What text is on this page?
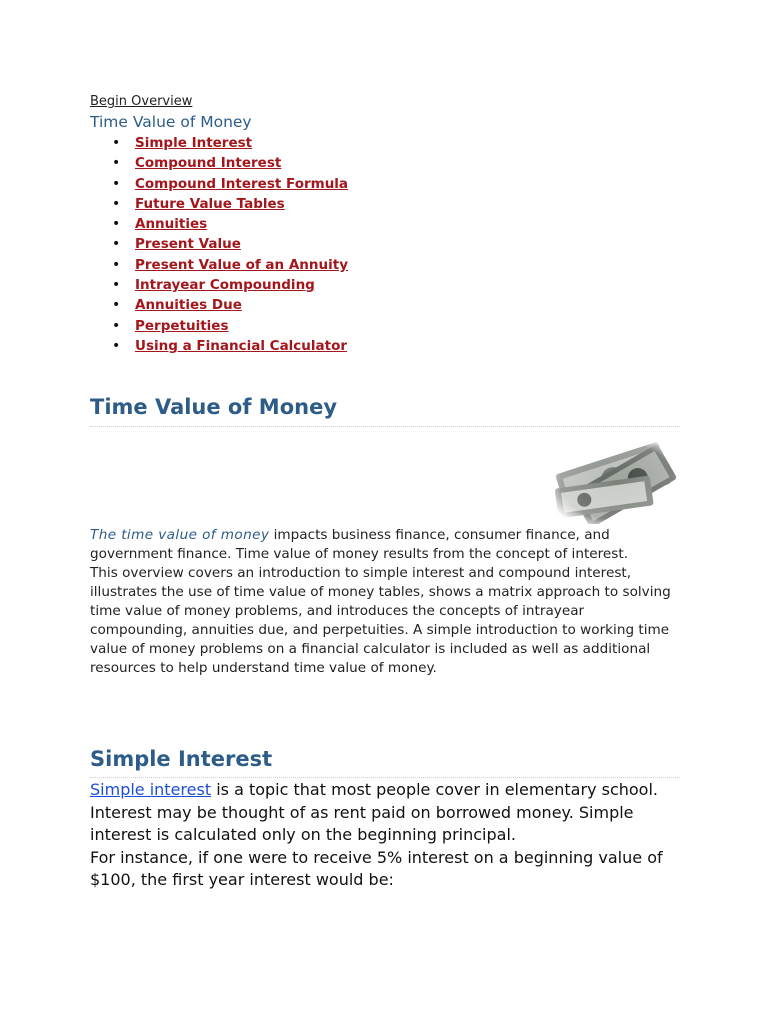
Begin Overview
Time Value of Money
• Simple Interest
• Compound Interest
• Compound Interest Formula
• Future Value Tables
• Annuities
• Present Value
• Present Value of an Annuity
• Intrayear Compounding
• Annuities Due
• Perpetuities
• Using a Financial Calculator
Time Value of Money
The time value of money impacts business finance, consumer finance, and government finance. Time value of money results from the concept of interest.
This overview covers an introduction to simple interest and compound interest, illustrates the use of time value of money tables, shows a matrix approach to solving time value of money problems, and introduces the concepts of intrayear compounding, annuities due, and perpetuities. A simple introduction to working time value of money problems on a financial calculator is included as well as additional resources to help understand time value of money.
Simple Interest
Simple interest is a topic that most people cover in elementary school. Interest may be thought of as rent paid on borrowed money. Simple interest is calculated only on the beginning principal.
For instance, if one were to receive 5% interest on a beginning value of $100, the first year interest would be:
